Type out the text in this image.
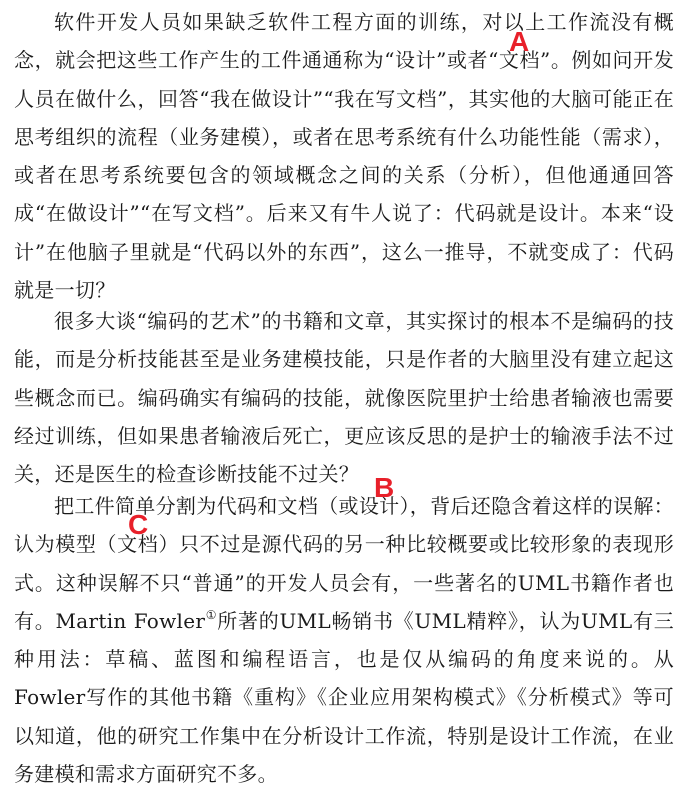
软件开发人员如果缺乏软件工程方面的训练，对以上工作流没有概念，就会把这些工作产生的工件通通称为“设计”或者“文档”。例如问开发人员在做什么，回答“我在做设计”“我在写文档”，其实他的大脑可能正在思考组织的流程（业务建模），或者在思考系统有什么功能性能（需求），或者在思考系统要包含的领域概念之间的关系（分析），但他通通回答成“在做设计”“在写文档”。后来又有牛人说了：代码就是设计。本来“设计”在他脑子里就是“代码以外的东西”，这么一推导，不就变成了：代码就是一切？

很多大谈“编码的艺术”的书籍和文章，其实探讨的根本不是编码的技能，而是分析技能甚至是业务建模技能，只是作者的大脑里没有建立起这些概念而已。编码确实有编码的技能，就像医院里护士给患者输液也需要经过训练，但如果患者输液后死亡，更应该反思的是护士的输液手法不过关，还是医生的检查诊断技能不过关？

把工件简单分割为代码和文档（或设计），背后还隐含着这样的误解：认为模型（文档）只不过是源代码的另一种比较概要或比较形象的表现形式。这种误解不只“普通”的开发人员会有，一些著名的UML书籍作者也有。Martin Fowler①所著的UML畅销书《UML精粹》，认为UML有三种用法：草稿、蓝图和编程语言，也是仅从编码的角度来说的。从Fowler写作的其他书籍《重构》《企业应用架构模式》《分析模式》等可以知道，他的研究工作集中在分析设计工作流，特别是设计工作流，在业务建模和需求方面研究不多。

A
B
C
